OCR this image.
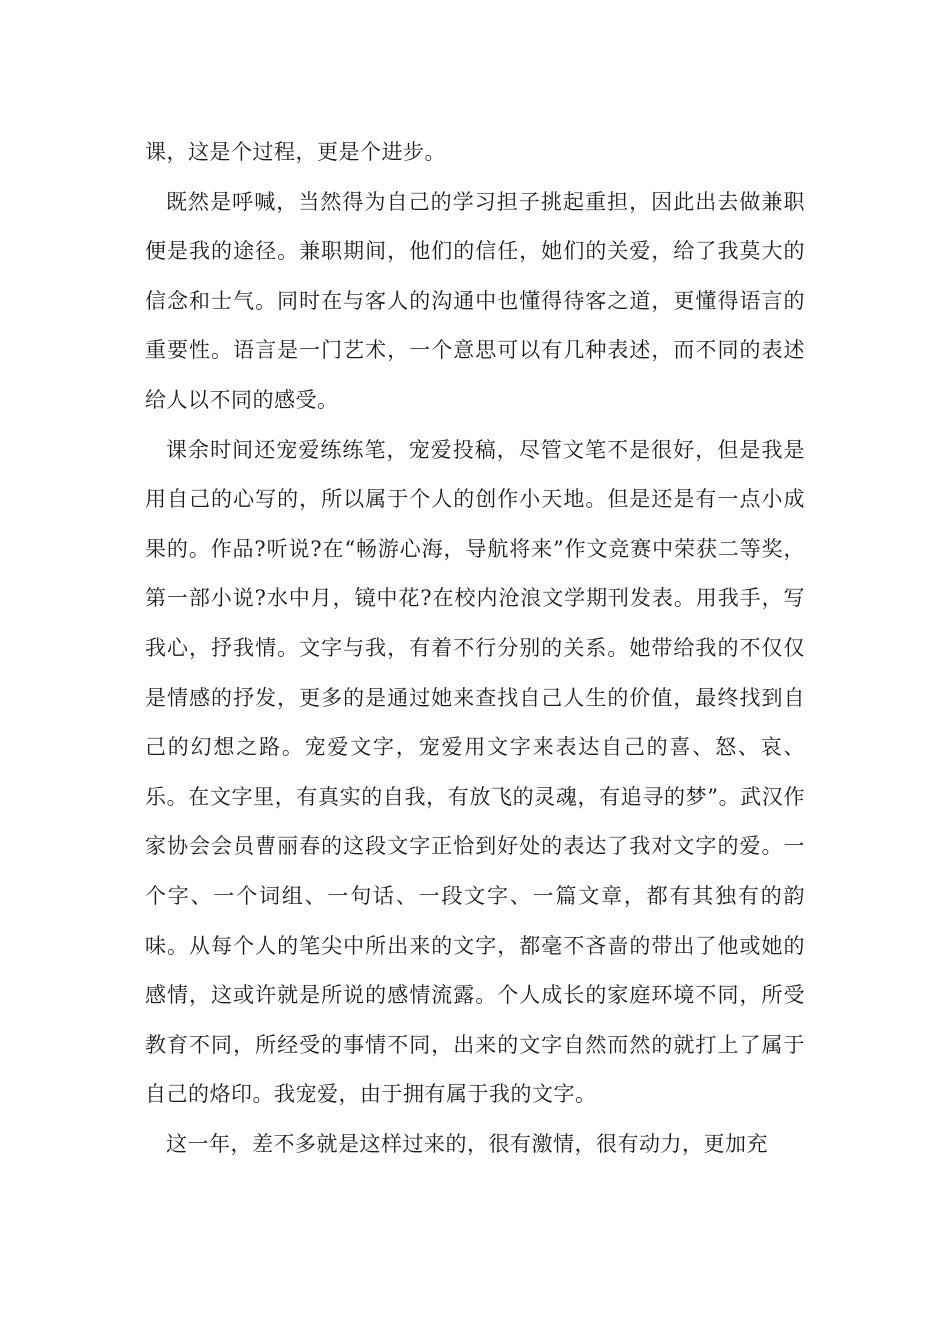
课，这是个过程，更是个进步。

既然是呼喊，当然得为自己的学习担子挑起重担，因此出去做兼职便是我的途径。兼职期间，他们的信任，她们的关爱，给了我莫大的信念和士气。同时在与客人的沟通中也懂得待客之道，更懂得语言的重要性。语言是一门艺术，一个意思可以有几种表述，而不同的表述给人以不同的感受。

课余时间还宠爱练练笔，宠爱投稿，尽管文笔不是很好，但是我是用自己的心写的，所以属于个人的创作小天地。但是还是有一点小成果的。作品?听说?在“畅游心海，导航将来”作文竞赛中荣获二等奖，第一部小说?水中月，镜中花?在校内沧浪文学期刊发表。用我手，写我心，抒我情。文字与我，有着不行分别的关系。她带给我的不仅仅是情感的抒发，更多的是通过她来查找自己人生的价值，最终找到自己的幻想之路。宠爱文字，宠爱用文字来表达自己的喜、怒、哀、乐。在文字里，有真实的自我，有放飞的灵魂，有追寻的梦”。武汉作家协会会员曹丽春的这段文字正恰到好处的表达了我对文字的爱。一个字、一个词组、一句话、一段文字、一篇文章，都有其独有的韵味。从每个人的笔尖中所出来的文字，都毫不吝啬的带出了他或她的感情，这或许就是所说的感情流露。个人成长的家庭环境不同，所受教育不同，所经受的事情不同，出来的文字自然而然的就打上了属于自己的烙印。我宠爱，由于拥有属于我的文字。

这一年，差不多就是这样过来的，很有激情，很有动力，更加充
